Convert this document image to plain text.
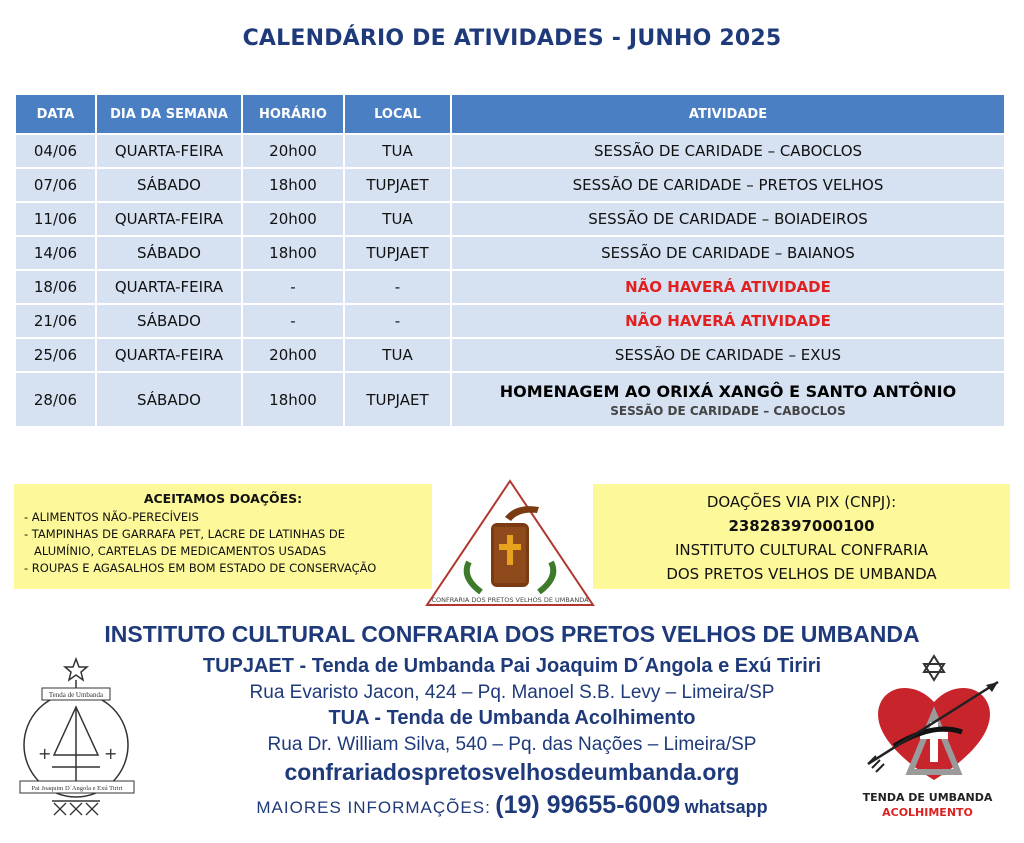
CALENDÁRIO DE ATIVIDADES - JUNHO 2025
DATA	DIA DA SEMANA	HORÁRIO	LOCAL	ATIVIDADE
04/06	QUARTA-FEIRA	20h00	TUA	SESSÃO DE CARIDADE – CABOCLOS
07/06	SÁBADO	18h00	TUPJAET	SESSÃO DE CARIDADE – PRETOS VELHOS
11/06	QUARTA-FEIRA	20h00	TUA	SESSÃO DE CARIDADE – BOIADEIROS
14/06	SÁBADO	18h00	TUPJAET	SESSÃO DE CARIDADE – BAIANOS
18/06	QUARTA-FEIRA	-	-	NÃO HAVERÁ ATIVIDADE
21/06	SÁBADO	-	-	NÃO HAVERÁ ATIVIDADE
25/06	QUARTA-FEIRA	20h00	TUA	SESSÃO DE CARIDADE – EXUS
28/06	SÁBADO	18h00	TUPJAET	HOMENAGEM AO ORIXÁ XANGÔ E SANTO ANTÔNIO
SESSÃO DE CARIDADE – CABOCLOS
ACEITAMOS DOAÇÕES:
- ALIMENTOS NÃO-PERECÍVEIS
- TAMPINHAS DE GARRAFA PET, LACRE DE LATINHAS DE
ALUMÍNIO, CARTELAS DE MEDICAMENTOS USADAS
- ROUPAS E AGASALHOS EM BOM ESTADO DE CONSERVAÇÃO
CONFRARIA DOS PRETOS VELHOS DE UMBANDA
DOAÇÕES VIA PIX (CNPJ):
23828397000100
INSTITUTO CULTURAL CONFRARIA
DOS PRETOS VELHOS DE UMBANDA
Tenda de Umbanda
+	+
Pai Joaquim D´Angola e Exú Tiriri
INSTITUTO CULTURAL CONFRARIA DOS PRETOS VELHOS DE UMBANDA
TUPJAET - Tenda de Umbanda Pai Joaquim D´Angola e Exú Tiriri
Rua Evaristo Jacon, 424 – Pq. Manoel S.B. Levy – Limeira/SP
TUA - Tenda de Umbanda Acolhimento
Rua Dr. William Silva, 540 – Pq. das Nações – Limeira/SP
confrariadospretosvelhosdeumbanda.org
MAIORES INFORMAÇÕES: (19) 99655-6009 whatsapp	TENDA DE UMBANDA
ACOLHIMENTO
